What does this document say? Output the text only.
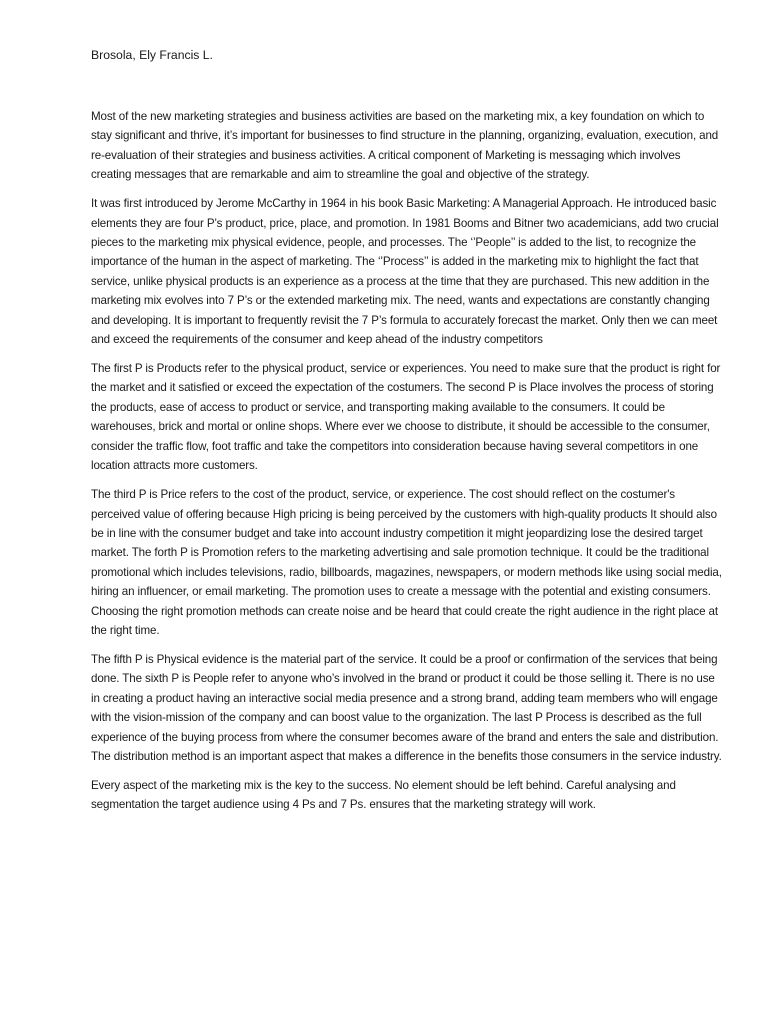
Brosola, Ely Francis L.

Most of the new marketing strategies and business activities are based on the marketing mix, a key foundation on which to stay significant and thrive, it’s important for businesses to find structure in the planning, organizing, evaluation, execution, and re-evaluation of their strategies and business activities. A critical component of Marketing is messaging which involves creating messages that are remarkable and aim to streamline the goal and objective of the strategy.

It was first introduced by Jerome McCarthy in 1964 in his book Basic Marketing: A Managerial Approach. He introduced basic elements they are four P’s product, price, place, and promotion. In 1981 Booms and Bitner two academicians, add two crucial pieces to the marketing mix physical evidence, people, and processes. The ‘’People’’ is added to the list, to recognize the importance of the human in the aspect of marketing. The ‘’Process’’ is added in the marketing mix to highlight the fact that service, unlike physical products is an experience as a process at the time that they are purchased. This new addition in the marketing mix evolves into 7 P’s or the extended marketing mix. The need, wants and expectations are constantly changing and developing. It is important to frequently revisit the 7 P’s formula to accurately forecast the market. Only then we can meet and exceed the requirements of the consumer and keep ahead of the industry competitors

The first P is Products refer to the physical product, service or experiences. You need to make sure that the product is right for the market and it satisfied or exceed the expectation of the costumers. The second P is Place involves the process of storing the products, ease of access to product or service, and transporting making available to the consumers. It could be warehouses, brick and mortal or online shops. Where ever we choose to distribute, it should be accessible to the consumer, consider the traffic flow, foot traffic and take the competitors into consideration because having several competitors in one location attracts more customers.

The third P is Price refers to the cost of the product, service, or experience. The cost should reflect on the costumer's perceived value of offering because High pricing is being perceived by the customers with high-quality products It should also be in line with the consumer budget and take into account industry competition it might jeopardizing lose the desired target market. The forth P is Promotion refers to the marketing advertising and sale promotion technique. It could be the traditional promotional which includes televisions, radio, billboards, magazines, newspapers, or modern methods like using social media, hiring an influencer, or email marketing. The promotion uses to create a message with the potential and existing consumers. Choosing the right promotion methods can create noise and be heard that could create the right audience in the right place at the right time.

The fifth P is Physical evidence is the material part of the service. It could be a proof or confirmation of the services that being done. The sixth P is People refer to anyone who’s involved in the brand or product it could be those selling it. There is no use in creating a product having an interactive social media presence and a strong brand, adding team members who will engage with the vision-mission of the company and can boost value to the organization. The last P Process is described as the full experience of the buying process from where the consumer becomes aware of the brand and enters the sale and distribution. The distribution method is an important aspect that makes a difference in the benefits those consumers in the service industry.

Every aspect of the marketing mix is the key to the success. No element should be left behind. Careful analysing and segmentation the target audience using 4 Ps and 7 Ps. ensures that the marketing strategy will work.
